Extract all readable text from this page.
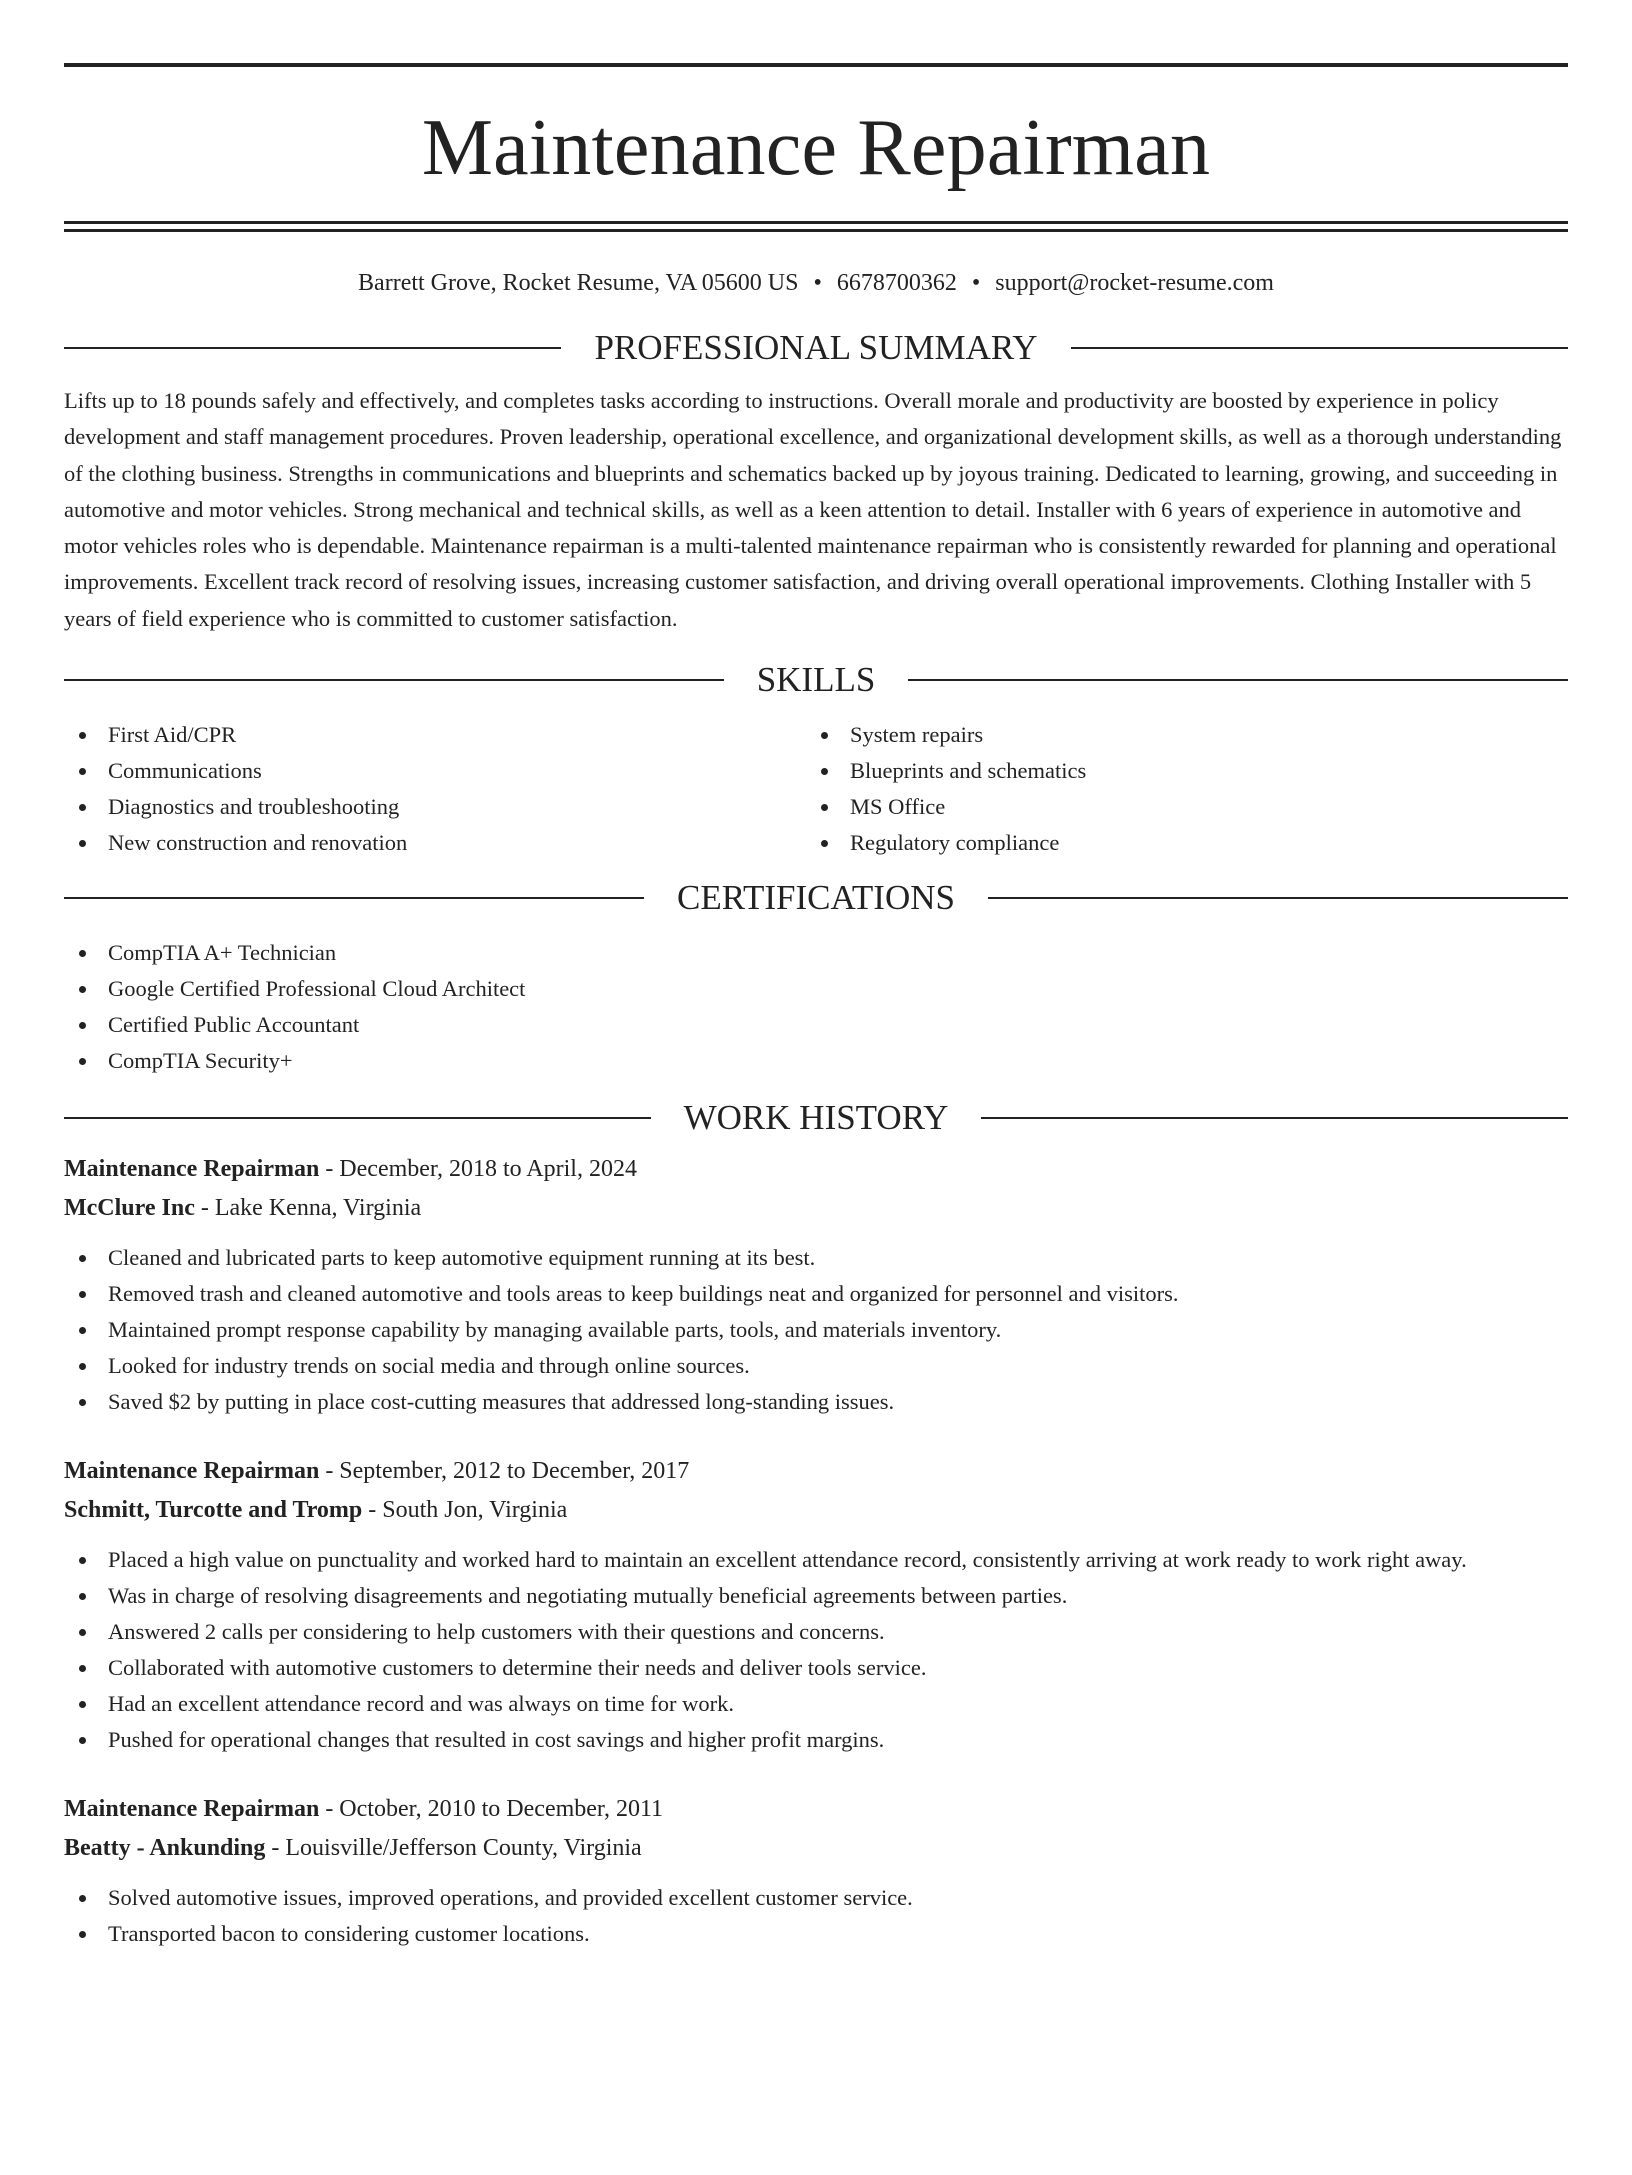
Maintenance Repairman
Barrett Grove, Rocket Resume, VA 05600 US • 6678700362 • support@rocket-resume.com
PROFESSIONAL SUMMARY
Lifts up to 18 pounds safely and effectively, and completes tasks according to instructions. Overall morale and productivity are boosted by experience in policy development and staff management procedures. Proven leadership, operational excellence, and organizational development skills, as well as a thorough understanding of the clothing business. Strengths in communications and blueprints and schematics backed up by joyous training. Dedicated to learning, growing, and succeeding in automotive and motor vehicles. Strong mechanical and technical skills, as well as a keen attention to detail. Installer with 6 years of experience in automotive and motor vehicles roles who is dependable. Maintenance repairman is a multi-talented maintenance repairman who is consistently rewarded for planning and operational improvements. Excellent track record of resolving issues, increasing customer satisfaction, and driving overall operational improvements. Clothing Installer with 5 years of field experience who is committed to customer satisfaction.
SKILLS
First Aid/CPR
Communications
Diagnostics and troubleshooting
New construction and renovation
System repairs
Blueprints and schematics
MS Office
Regulatory compliance
CERTIFICATIONS
CompTIA A+ Technician
Google Certified Professional Cloud Architect
Certified Public Accountant
CompTIA Security+
WORK HISTORY
Maintenance Repairman - December, 2018 to April, 2024
McClure Inc - Lake Kenna, Virginia
Cleaned and lubricated parts to keep automotive equipment running at its best.
Removed trash and cleaned automotive and tools areas to keep buildings neat and organized for personnel and visitors.
Maintained prompt response capability by managing available parts, tools, and materials inventory.
Looked for industry trends on social media and through online sources.
Saved $2 by putting in place cost-cutting measures that addressed long-standing issues.
Maintenance Repairman - September, 2012 to December, 2017
Schmitt, Turcotte and Tromp - South Jon, Virginia
Placed a high value on punctuality and worked hard to maintain an excellent attendance record, consistently arriving at work ready to work right away.
Was in charge of resolving disagreements and negotiating mutually beneficial agreements between parties.
Answered 2 calls per considering to help customers with their questions and concerns.
Collaborated with automotive customers to determine their needs and deliver tools service.
Had an excellent attendance record and was always on time for work.
Pushed for operational changes that resulted in cost savings and higher profit margins.
Maintenance Repairman - October, 2010 to December, 2011
Beatty - Ankunding - Louisville/Jefferson County, Virginia
Solved automotive issues, improved operations, and provided excellent customer service.
Transported bacon to considering customer locations.
